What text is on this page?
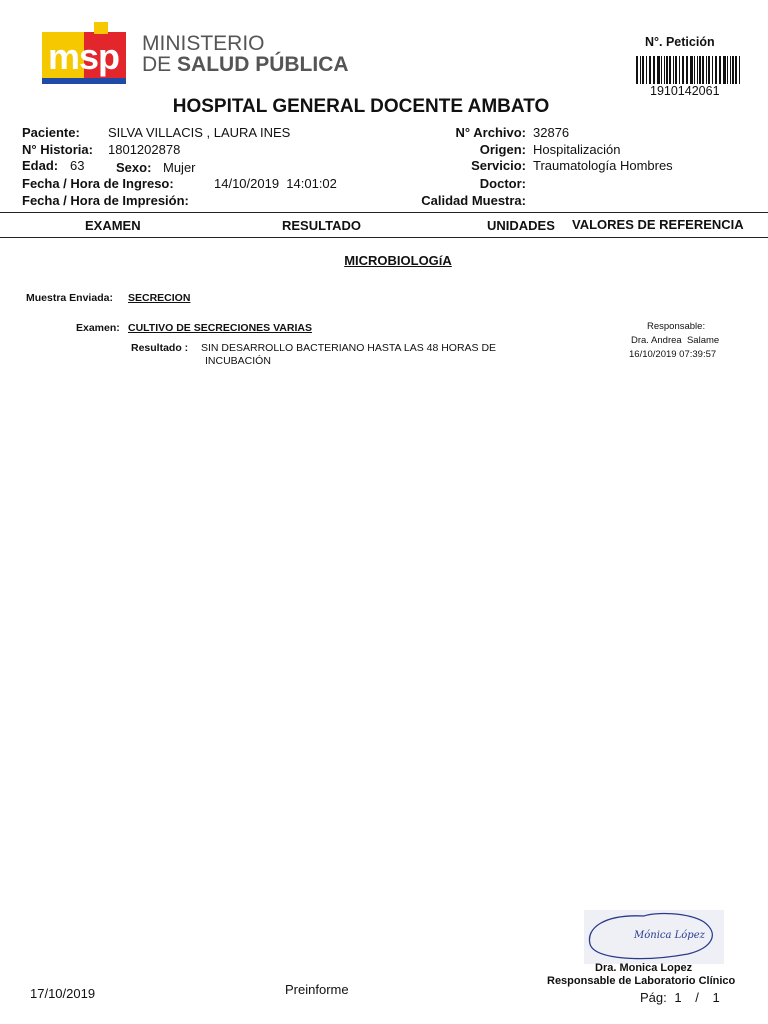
msp MINISTERIO
DE SALUD PÚBLICA
N°. Petición
1910142061
HOSPITAL GENERAL DOCENTE AMBATO
Paciente: SILVA VILLACIS , LAURA INES
N° Historia: 1801202878
Edad: 63 Sexo: Mujer
Fecha / Hora de Ingreso:	14/10/2019  14:01:02
Fecha / Hora de Impresión:
N° Archivo: 32876
Origen: Hospitalización
Servicio: Traumatología Hombres
Doctor:
Calidad Muestra:
EXAMEN	RESULTADO	UNIDADES VALORES DE REFERENCIA
MICROBIOLOGíA
Muestra Enviada: SECRECION
Examen: CULTIVO DE SECRECIONES VARIAS
Resultado : SIN DESARROLLO BACTERIANO HASTA LAS 48 HORAS DE
INCUBACIÓN
Responsable:
Dra. Andrea  Salame
16/10/2019 07:39:57
Mónica López
Dra. Monica Lopez
Responsable de Laboratorio Clínico
17/10/2019	Preinforme
Pág: 1 / 1
